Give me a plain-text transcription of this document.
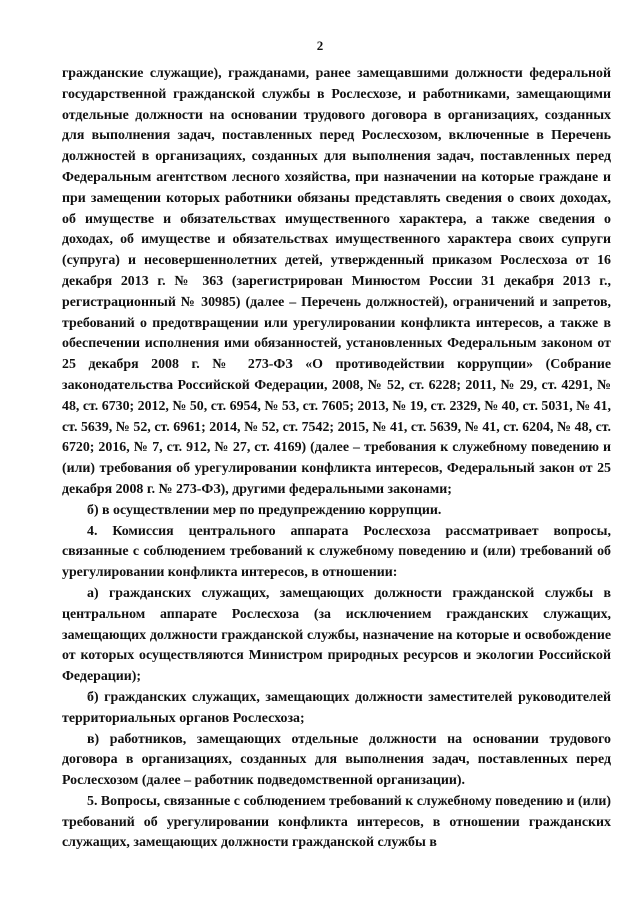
2

гражданские служащие), гражданами, ранее замещавшими должности федеральной государственной гражданской службы в Рослесхозе, и работниками, замещающими отдельные должности на основании трудового договора в организациях, созданных для выполнения задач, поставленных перед Рослесхозом, включенные в Перечень должностей в организациях, созданных для выполнения задач, поставленных перед Федеральным агентством лесного хозяйства, при назначении на которые граждане и при замещении которых работники обязаны представлять сведения о своих доходах, об имуществе и обязательствах имущественного характера, а также сведения о доходах, об имуществе и обязательствах имущественного характера своих супруги (супруга) и несовершеннолетних детей, утвержденный приказом Рослесхоза от 16 декабря 2013 г. № 363 (зарегистрирован Минюстом России 31 декабря 2013 г., регистрационный № 30985) (далее – Перечень должностей), ограничений и запретов, требований о предотвращении или урегулировании конфликта интересов, а также в обеспечении исполнения ими обязанностей, установленных Федеральным законом от 25 декабря 2008 г. № 273-ФЗ «О противодействии коррупции» (Собрание законодательства Российской Федерации, 2008, № 52, ст. 6228; 2011, № 29, ст. 4291, № 48, ст. 6730; 2012, № 50, ст. 6954, № 53, ст. 7605; 2013, № 19, ст. 2329, № 40, ст. 5031, № 41, ст. 5639, № 52, ст. 6961; 2014, № 52, ст. 7542; 2015, № 41, ст. 5639, № 41, ст. 6204, № 48, ст. 6720; 2016, № 7, ст. 912, № 27, ст. 4169) (далее – требования к служебному поведению и (или) требования об урегулировании конфликта интересов, Федеральный закон от 25 декабря 2008 г. № 273-ФЗ), другими федеральными законами;

б) в осуществлении мер по предупреждению коррупции.

4. Комиссия центрального аппарата Рослесхоза рассматривает вопросы, связанные с соблюдением требований к служебному поведению и (или) требований об урегулировании конфликта интересов, в отношении:

а) гражданских служащих, замещающих должности гражданской службы в центральном аппарате Рослесхоза (за исключением гражданских служащих, замещающих должности гражданской службы, назначение на которые и освобождение от которых осуществляются Министром природных ресурсов и экологии Российской Федерации);

б) гражданских служащих, замещающих должности заместителей руководителей территориальных органов Рослесхоза;

в) работников, замещающих отдельные должности на основании трудового договора в организациях, созданных для выполнения задач, поставленных перед Рослесхозом (далее – работник подведомственной организации).

5. Вопросы, связанные с соблюдением требований к служебному поведению и (или) требований об урегулировании конфликта интересов, в отношении гражданских служащих, замещающих должности гражданской службы в
